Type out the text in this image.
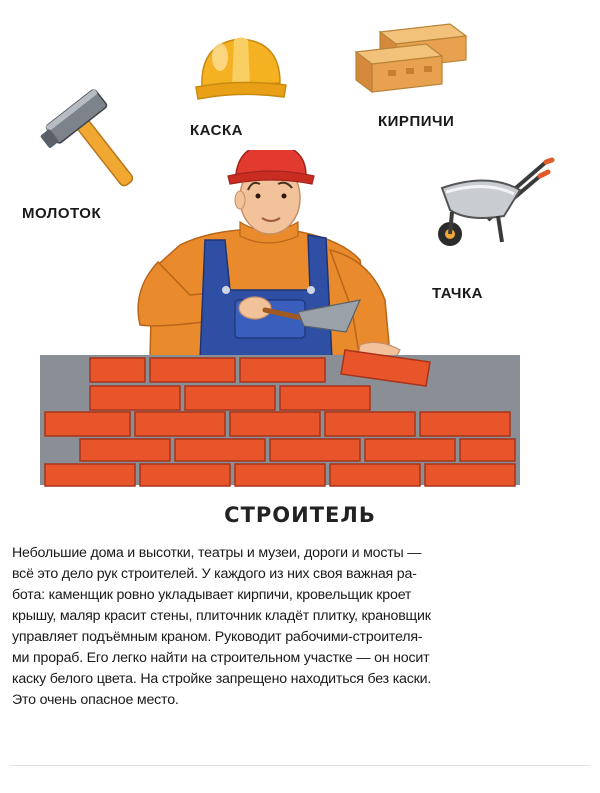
МОЛОТОК
КАСКА
КИРПИЧИ
ТАЧКА
СТРОИТЕЛЬ
Небольшие дома и высотки, театры и музеи, дороги и мосты —
всё это дело рук строителей. У каждого из них своя важная ра-
бота: каменщик ровно укладывает кирпичи, кровельщик кроет
крышу, маляр красит стены, плиточник кладёт плитку, крановщик
управляет подъёмным краном. Руководит рабочими-строителя-
ми прораб. Его легко найти на строительном участке — он носит
каску белого цвета. На стройке запрещено находиться без каски.
Это очень опасное место.
